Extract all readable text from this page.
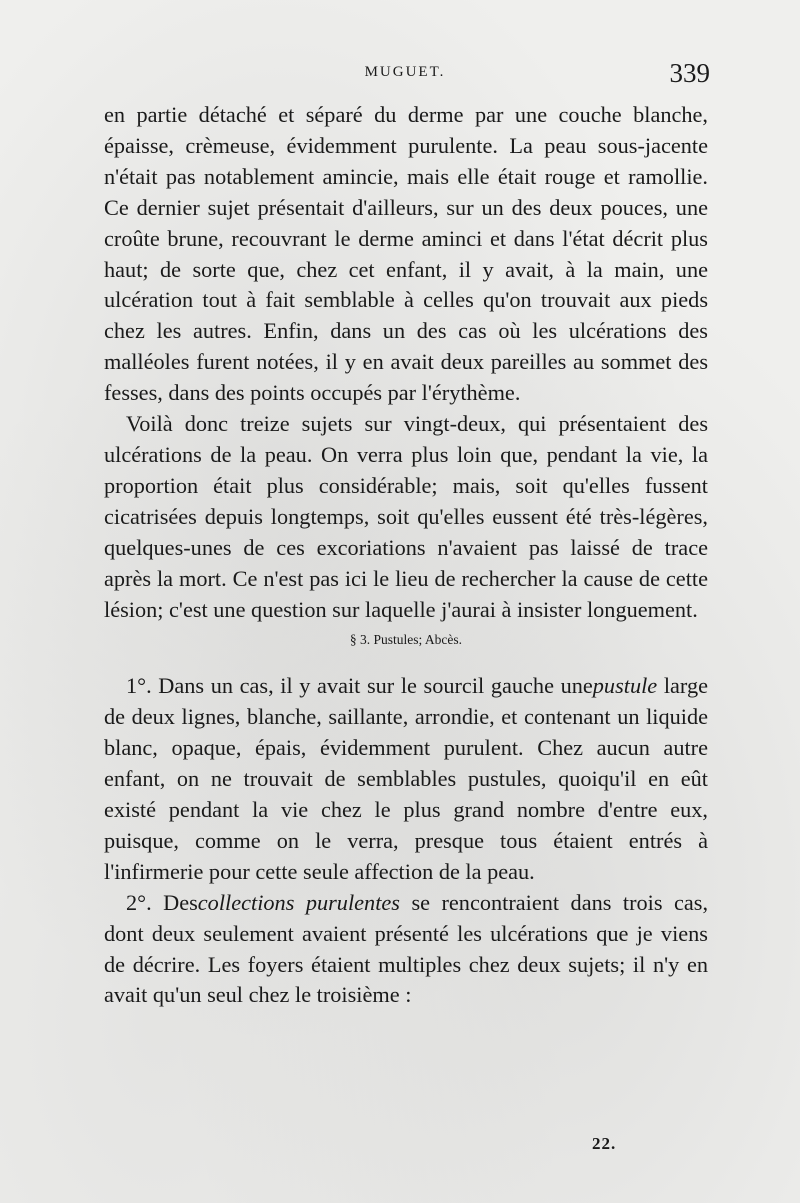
MUGUET.	339

en partie détaché et séparé du derme par une couche blanche, épaisse, crèmeuse, évidemment purulente. La peau sous-jacente n'était pas notablement amincie, mais elle était rouge et ramollie. Ce dernier sujet présentait d'ailleurs, sur un des deux pouces, une croûte brune, recouvrant le derme aminci et dans l'état décrit plus haut; de sorte que, chez cet enfant, il y avait, à la main, une ulcération tout à fait semblable à celles qu'on trouvait aux pieds chez les autres. Enfin, dans un des cas où les ulcérations des malléoles furent notées, il y en avait deux pareilles au sommet des fesses, dans des points occupés par l'érythème.

Voilà donc treize sujets sur vingt-deux, qui présentaient des ulcérations de la peau. On verra plus loin que, pendant la vie, la proportion était plus considérable; mais, soit qu'elles fussent cicatrisées depuis longtemps, soit qu'elles eussent été très-légères, quelques-unes de ces excoriations n'avaient pas laissé de trace après la mort. Ce n'est pas ici le lieu de rechercher la cause de cette lésion; c'est une question sur laquelle j'aurai à insister longuement.

§ 3. Pustules; Abcès.

1°. Dans un cas, il y avait sur le sourcil gauche unepustule large de deux lignes, blanche, saillante, arrondie, et contenant un liquide blanc, opaque, épais, évidemment purulent. Chez aucun autre enfant, on ne trouvait de semblables pustules, quoiqu'il en eût existé pendant la vie chez le plus grand nombre d'entre eux, puisque, comme on le verra, presque tous étaient entrés à l'infirmerie pour cette seule affection de la peau.

2°. Descollections purulentes se rencontraient dans trois cas, dont deux seulement avaient présenté les ulcérations que je viens de décrire. Les foyers étaient multiples chez deux sujets; il n'y en avait qu'un seul chez le troisième :

22.
